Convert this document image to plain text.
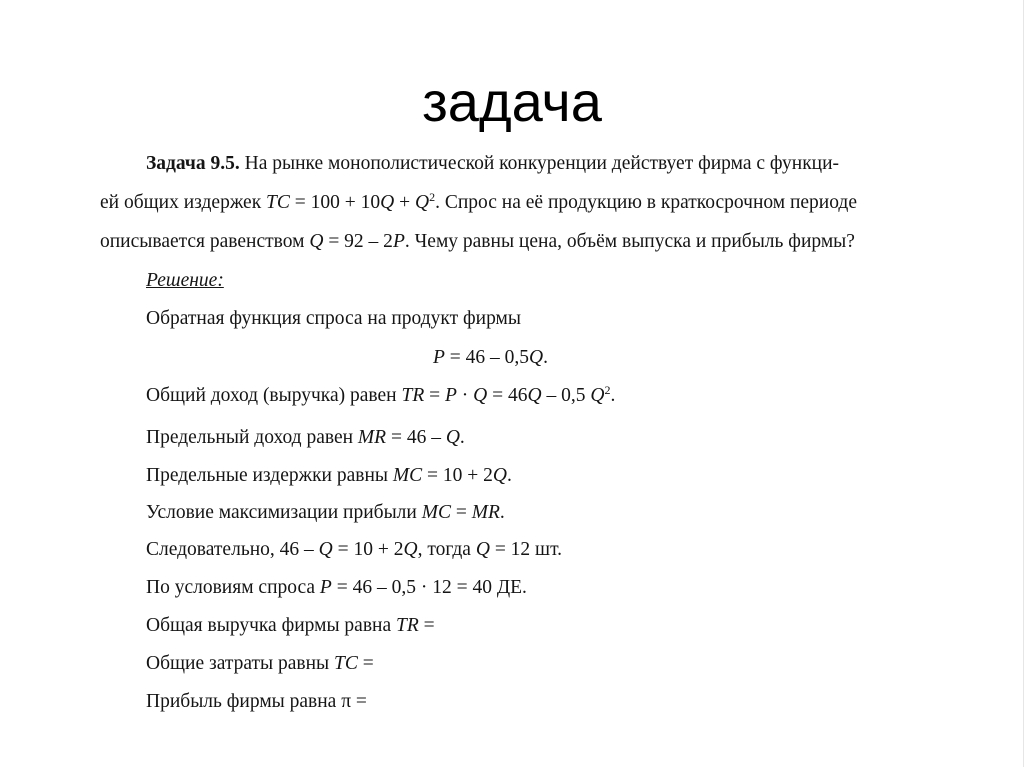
задача
Задача 9.5. На рынке монополистической конкуренции действует фирма с функци-
ей общих издержек TC = $100 + 10Q + Q^2$. Спрос на её продукцию в краткосрочном периоде
описывается равенством Q = 92 – 2P. Чему равны цена, объём выпуска и прибыль фирмы?
Решение:
Обратная функция спроса на продукт фирмы
P = 46 – 0,5Q.
Общий доход (выручка) равен TR = P · Q = 46Q – 0,5 $Q^2$.
Предельный доход равен MR = 46 – Q.
Предельные издержки равны MC = 10 + 2Q.
Условие максимизации прибыли MC = MR.
Следовательно, 46 – Q = 10 + 2Q, тогда Q = 12 шт.
По условиям спроса P = 46 – 0,5 · 12 = 40 ДЕ.
Общая выручка фирмы равна TR =
Общие затраты равны TC =
Прибыль фирмы равна π =
